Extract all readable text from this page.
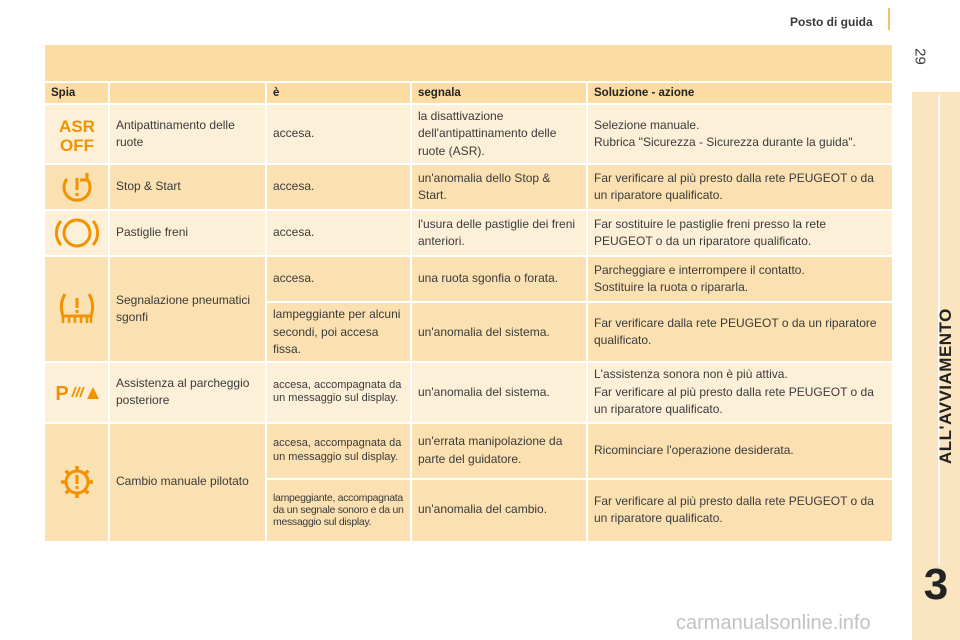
Posto di guida
29
ALL'AVVIAMENTO
3
Spia		è	segnala	Soluzione - azione

ASR
OFF	Antipattinamento delle ruote	accesa.	la disattivazione dell'antipattinamento delle ruote (ASR).	Selezione manuale.
Rubrica "Sicurezza - Sicurezza durante la guida".

	Stop & Start	accesa.	un'anomalia dello Stop & Start.	Far verificare al più presto dalla rete PEUGEOT o da un riparatore qualificato.

	Pastiglie freni	accesa.	l'usura delle pastiglie dei freni anteriori.	Far sostituire le pastiglie freni presso la rete PEUGEOT o da un riparatore qualificato.

	Segnalazione pneumatici sgonfi	accesa.	una ruota sgonfia o forata.	Parcheggiare e interrompere il contatto.
Sostituire la ruota o ripararla.
		lampeggiante per alcuni secondi, poi accesa fissa.	un'anomalia del sistema.	Far verificare dalla rete PEUGEOT o da un riparatore qualificato.

P	Assistenza al parcheggio posteriore	accesa, accompagnata da un messaggio sul display.	un'anomalia del sistema.	L'assistenza sonora non è più attiva.
Far verificare al più presto dalla rete PEUGEOT o da un riparatore qualificato.

	Cambio manuale pilotato	accesa, accompagnata da un messaggio sul display.	un'errata manipolazione da parte del guidatore.	Ricominciare l'operazione desiderata.
		lampeggiante, accompagnata da un segnale sonoro e da un messaggio sul display.	un'anomalia del cambio.	Far verificare al più presto dalla rete PEUGEOT o da un riparatore qualificato.
carmanualsonline.info
